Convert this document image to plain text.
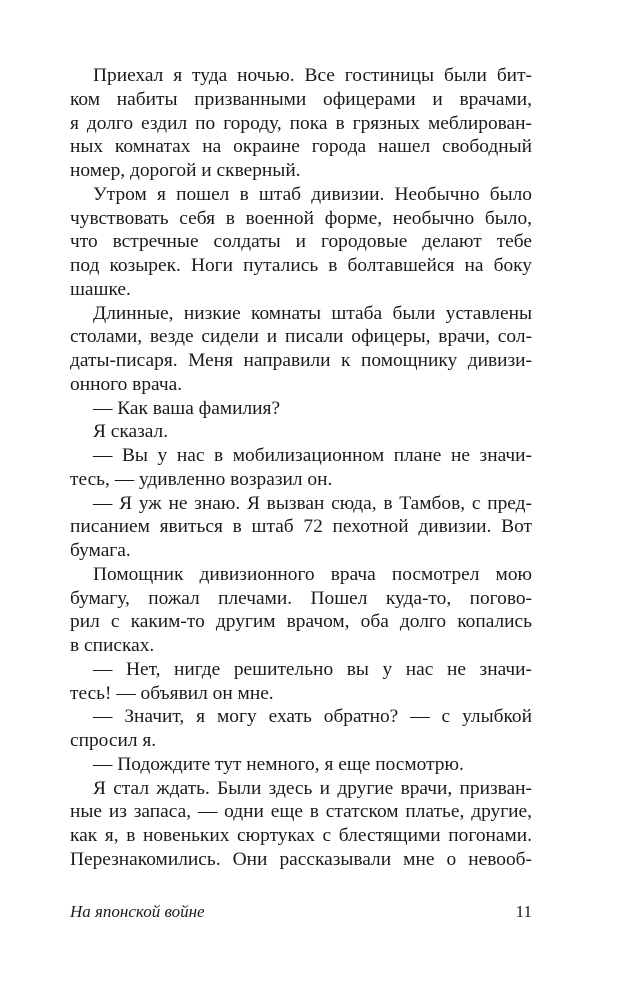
Приехал я туда ночью. Все гостиницы были бит-
ком набиты призванными офицерами и врачами,
я долго ездил по городу, пока в грязных меблирован-
ных комнатах на окраине города нашел свободный
номер, дорогой и скверный.
Утром я пошел в штаб дивизии. Необычно было
чувствовать себя в военной форме, необычно было,
что встречные солдаты и городовые делают тебе
под козырек. Ноги путались в болтавшейся на боку
шашке.
Длинные, низкие комнаты штаба были уставлены
столами, везде сидели и писали офицеры, врачи, сол-
даты-писаря. Меня направили к помощнику дивизи-
онного врача.
— Как ваша фамилия?
Я сказал.
— Вы у нас в мобилизационном плане не значи-
тесь, — удивленно возразил он.
— Я уж не знаю. Я вызван сюда, в Тамбов, с пред-
писанием явиться в штаб 72 пехотной дивизии. Вот
бумага.
Помощник дивизионного врача посмотрел мою
бумагу, пожал плечами. Пошел куда-то, погово-
рил с каким-то другим врачом, оба долго копались
в списках.
— Нет, нигде решительно вы у нас не значи-
тесь! — объявил он мне.
— Значит, я могу ехать обратно? — с улыбкой
спросил я.
— Подождите тут немного, я еще посмотрю.
Я стал ждать. Были здесь и другие врачи, призван-
ные из запаса, — одни еще в статском платье, другие,
как я, в новеньких сюртуках с блестящими погонами.
Перезнакомились. Они рассказывали мне о невооб-
На японской войне	11
